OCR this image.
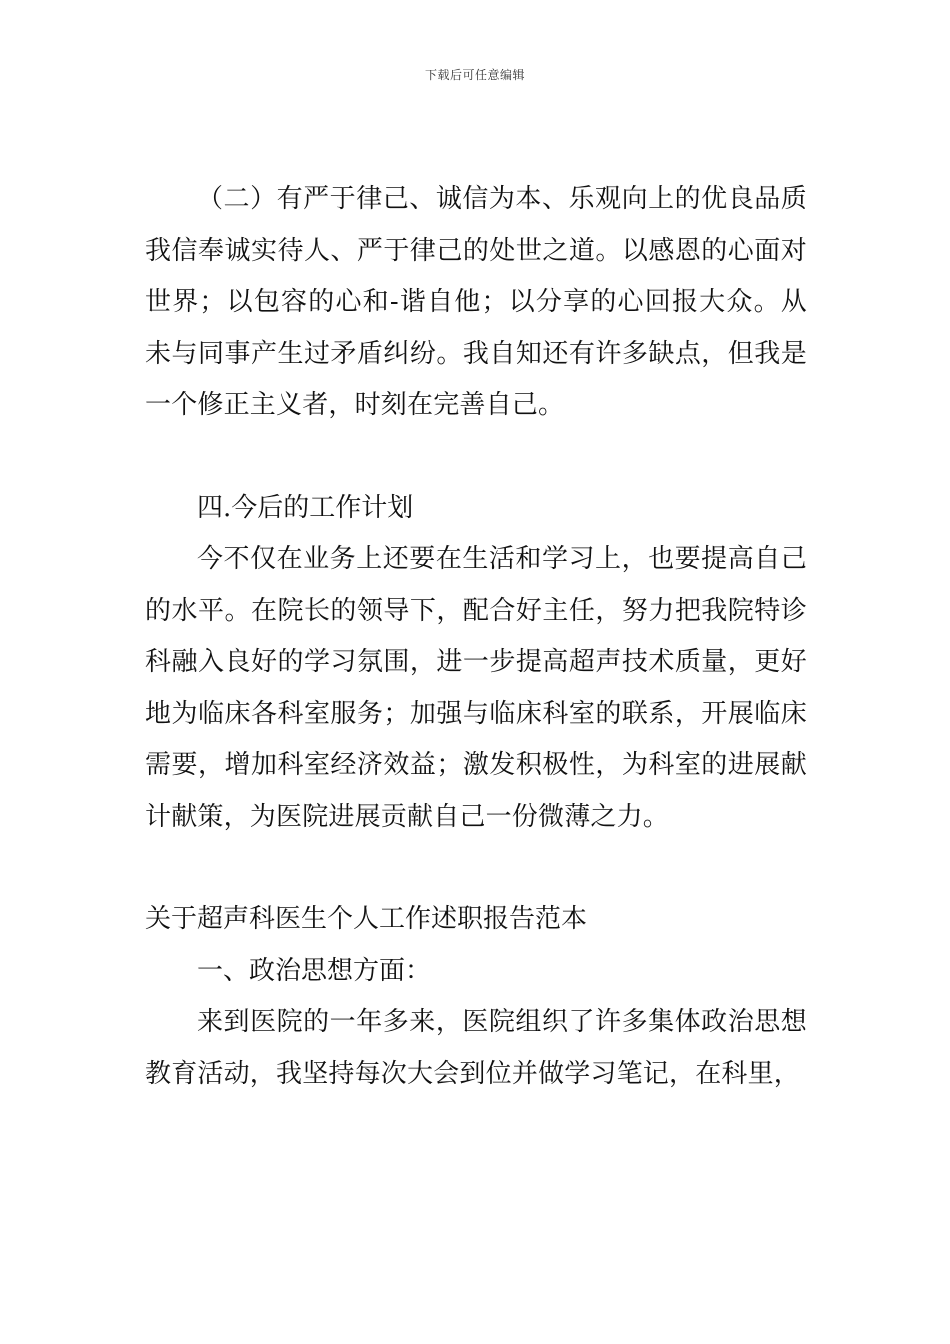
下载后可任意编辑

（二）有严于律己、诚信为本、乐观向上的优良品质我信奉诚实待人、严于律己的处世之道。以感恩的心面对世界；以包容的心和-谐自他；以分享的心回报大众。从未与同事产生过矛盾纠纷。我自知还有许多缺点，但我是一个修正主义者，时刻在完善自己。

四.今后的工作计划

今不仅在业务上还要在生活和学习上，也要提高自己的水平。在院长的领导下，配合好主任，努力把我院特诊科融入良好的学习氛围，进一步提高超声技术质量，更好地为临床各科室服务；加强与临床科室的联系，开展临床需要，增加科室经济效益；激发积极性，为科室的进展献计献策，为医院进展贡献自己一份微薄之力。

关于超声科医生个人工作述职报告范本

一、政治思想方面：

来到医院的一年多来，医院组织了许多集体政治思想教育活动，我坚持每次大会到位并做学习笔记，在科里，
